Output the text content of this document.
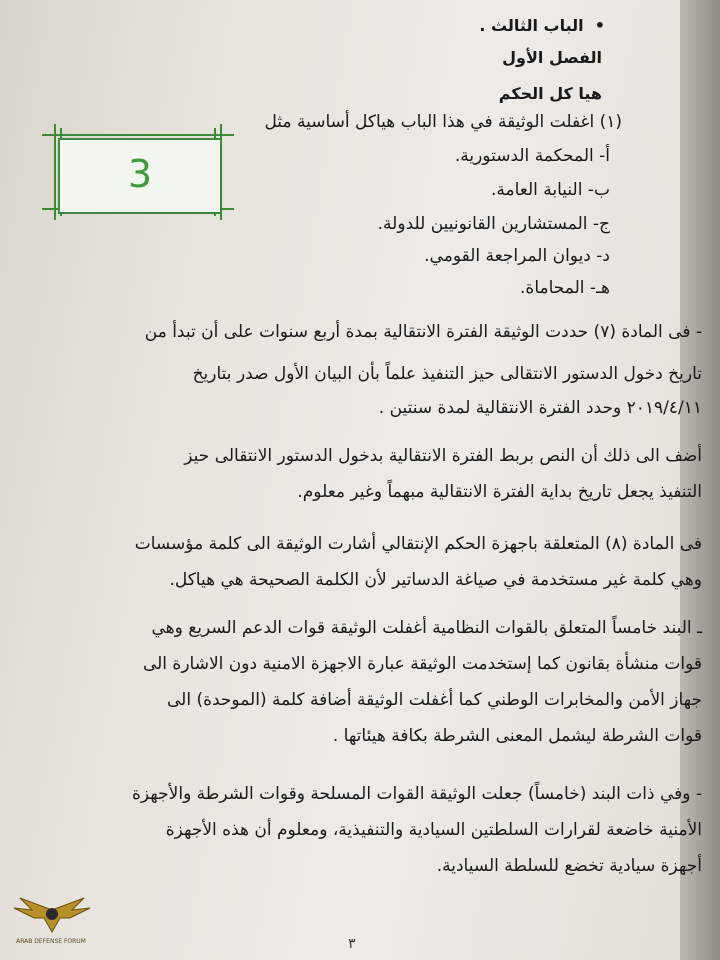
•  الباب الثالث .
الفصل الأول
هيا كل الحكم
(١) اغفلت الوثيقة في هذا الباب هياكل أساسية مثل
أ- المحكمة الدستورية.
ب- النيابة العامة.
ج- المستشارين القانونيين للدولة.
د- ديوان المراجعة القومي.
هـ- المحاماة.
3
- فى المادة (٧) حددت الوثيقة الفترة الانتقالية بمدة أربع سنوات على أن تبدأ من
تاريخ دخول الدستور الانتقالى حيز التنفيذ علماً بأن البيان الأول صدر بتاريخ
٢٠١٩/٤/١١ وحدد الفترة الانتقالية لمدة سنتين .
أضف الى ذلك أن النص بربط الفترة الانتقالية بدخول الدستور الانتقالى حيز
التنفيذ يجعل تاريخ بداية الفترة الانتقالية مبهماً وغير معلوم.
فى المادة (٨) المتعلقة باجهزة الحكم الإنتقالي أشارت الوثيقة الى كلمة مؤسسات
وهي كلمة غير مستخدمة في صياغة الدساتير لأن الكلمة الصحيحة هي هياكل.
ـ البند خامساً المتعلق بالقوات النظامية أغفلت الوثيقة قوات الدعم السريع وهي
قوات منشأة بقانون كما إستخدمت الوثيقة عبارة الاجهزة الامنية دون الاشارة الى
جهاز الأمن والمخابرات الوطني كما أغفلت الوثيقة أضافة كلمة (الموحدة) الى
قوات الشرطة ليشمل المعنى الشرطة بكافة هيئاتها .
- وفي ذات البند (خامساً) جعلت الوثيقة القوات المسلحة وقوات الشرطة والأجهزة
الأمنية خاضعة لقرارات السلطتين السيادية والتنفيذية، ومعلوم أن هذه الأجهزة
أجهزة سيادية تخضع للسلطة السيادية.
٣
ARAB DEFENSE FORUM
